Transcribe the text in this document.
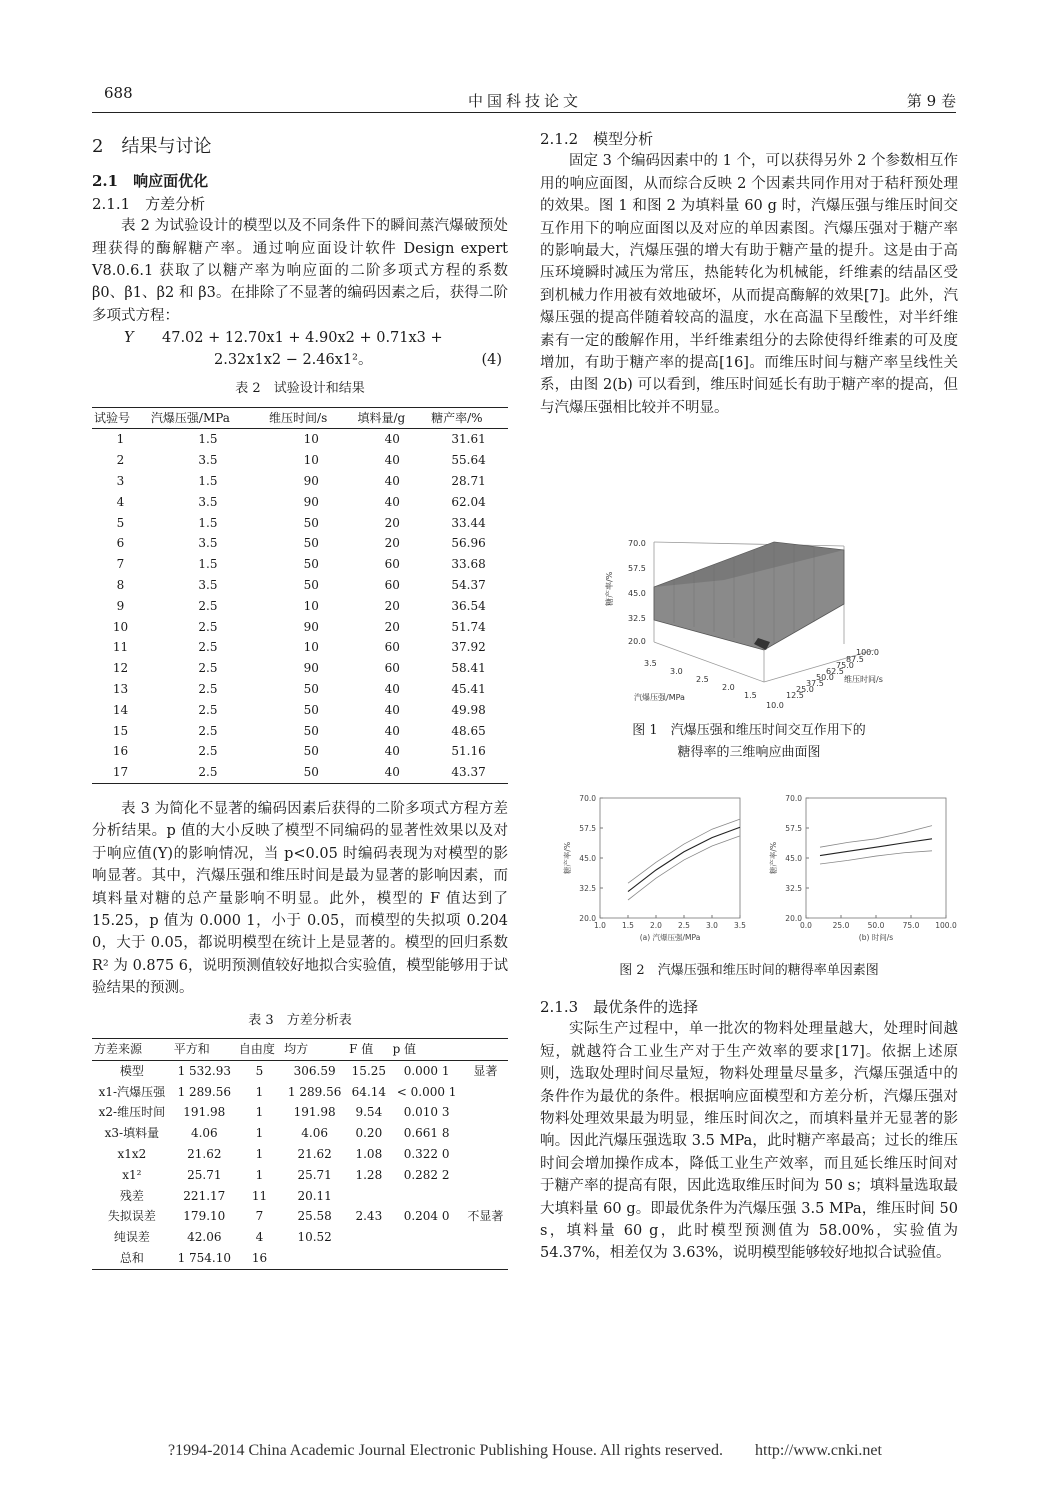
688	中国科技论文	第 9 卷

2　结果与讨论

2.1　响应面优化

2.1.1　方差分析

表 2 为试验设计的模型以及不同条件下的瞬间蒸汽爆破预处理获得的酶解糖产率。通过响应面设计软件 Design expert V8.0.6.1 获取了以糖产率为响应面的二阶多项式方程的系数 β0、β1、β2 和 β3。在排除了不显著的编码因素之后，获得二阶多项式方程：

Y 47.02 + 12.70x1 + 4.90x2 + 0.71x3 +
2.32x1x2 − 2.46x1²。	(4)

表 2　试验设计和结果

试验号	汽爆压强/MPa	维压时间/s	填料量/g	糖产率/%
1	1.5	10	40	31.61
2	3.5	10	40	55.64
3	1.5	90	40	28.71
4	3.5	90	40	62.04
5	1.5	50	20	33.44
6	3.5	50	20	56.96
7	1.5	50	60	33.68
8	3.5	50	60	54.37
9	2.5	10	20	36.54
10	2.5	90	20	51.74
11	2.5	10	60	37.92
12	2.5	90	60	58.41
13	2.5	50	40	45.41
14	2.5	50	40	49.98
15	2.5	50	40	48.65
16	2.5	50	40	51.16
17	2.5	50	40	43.37

表 3 为简化不显著的编码因素后获得的二阶多项式方程方差分析结果。p 值的大小反映了模型不同编码的显著性效果以及对于响应值(Y)的影响情况，当 p<0.05 时编码表现为对模型的影响显著。其中，汽爆压强和维压时间是最为显著的影响因素，而填料量对糖的总产量影响不明显。此外，模型的 F 值达到了 15.25，p 值为 0.000 1，小于 0.05，而模型的失拟项 0.204 0，大于 0.05，都说明模型在统计上是显著的。模型的回归系数 R² 为 0.875 6，说明预测值较好地拟合实验值，模型能够用于试验结果的预测。

表 3　方差分析表

方差来源	平方和	自由度	均方	F 值	p 值	
模型	1 532.93	5	306.59	15.25	0.000 1	显著
x1-汽爆压强	1 289.56	1	1 289.56	64.14	< 0.000 1	
x2-维压时间	191.98	1	191.98	9.54	0.010 3	
x3-填料量	4.06	1	4.06	0.20	0.661 8	
x1x2	21.62	1	21.62	1.08	0.322 0	
x1²	25.71	1	25.71	1.28	0.282 2	
残差	221.17	11	20.11			
失拟误差	179.10	7	25.58	2.43	0.204 0	不显著
纯误差	42.06	4	10.52			
总和	1 754.10	16				

2.1.2　模型分析

固定 3 个编码因素中的 1 个，可以获得另外 2 个参数相互作用的响应面图，从而综合反映 2 个因素共同作用对于秸秆预处理的效果。图 1 和图 2 为填料量 60 g 时，汽爆压强与维压时间交互作用下的响应面图以及对应的单因素图。汽爆压强对于糖产率的影响最大，汽爆压强的增大有助于糖产量的提升。这是由于高压环境瞬时减压为常压，热能转化为机械能，纤维素的结晶区受到机械力作用被有效地破坏，从而提高酶解的效果[7]。此外，汽爆压强的提高伴随着较高的温度，水在高温下呈酸性，对半纤维素有一定的酸解作用，半纤维素组分的去除使得纤维素的可及度增加，有助于糖产率的提高[16]。而维压时间与糖产率呈线性关系，由图 2(b) 可以看到，维压时间延长有助于糖产率的提高，但与汽爆压强相比较并不明显。

70.0
57.5
45.0
32.5
20.0
糖产率/%
3.5
3.0
2.5
2.0
1.5
汽爆压强/MPa
100.0
87.5
75.0
62.5
50.0
37.5
25.0
12.5
10.0
维压时间/s

图 1　汽爆压强和维压时间交互作用下的

糖得率的三维响应曲面图

20.0
32.5
45.0
57.5
70.0
1.0 1.5 2.0 2.5 3.0 3.5
糖产率/%
(a) 汽爆压强/MPa
20.0
32.5
45.0
57.5
70.0
0.0	25.0 50.0 75.0 100.0
糖产率/%
(b) 时间/s

图 2　汽爆压强和维压时间的糖得率单因素图

2.1.3　最优条件的选择

实际生产过程中，单一批次的物料处理量越大，处理时间越短，就越符合工业生产对于生产效率的要求[17]。依据上述原则，选取处理时间尽量短，物料处理量尽量多，汽爆压强适中的条件作为最优的条件。根据响应面模型和方差分析，汽爆压强对物料处理效果最为明显，维压时间次之，而填料量并无显著的影响。因此汽爆压强选取 3.5 MPa，此时糖产率最高；过长的维压时间会增加操作成本，降低工业生产效率，而且延长维压时间对于糖产率的提高有限，因此选取维压时间为 50 s；填料量选取最大填料量 60 g。即最优条件为汽爆压强 3.5 MPa，维压时间 50 s，填料量 60 g，此时模型预测值为 58.00%，实验值为 54.37%，相差仅为 3.63%，说明模型能够较好地拟合试验值。

?1994-2014 China Academic Journal Electronic Publishing House. All rights reserved.　　http://www.cnki.net
